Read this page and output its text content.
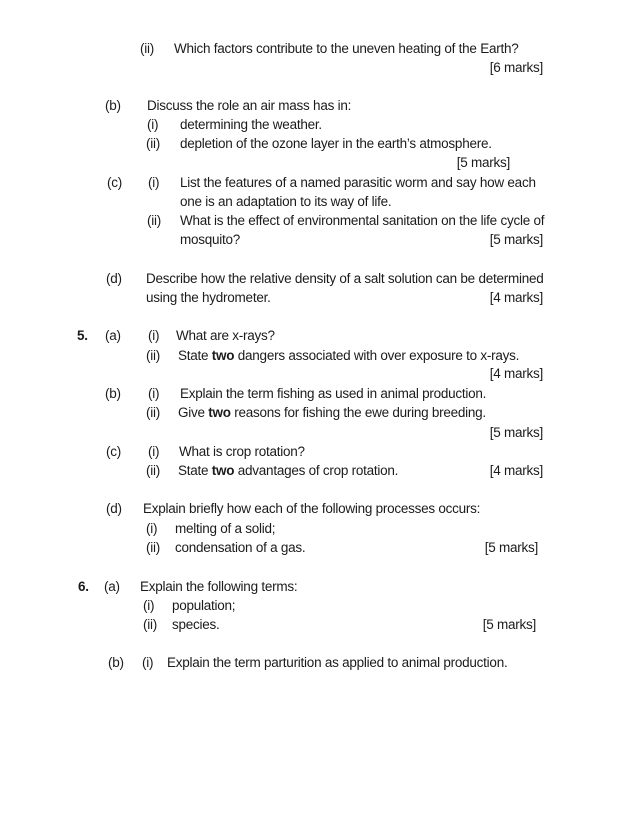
(ii) Which factors contribute to the uneven heating of the Earth?
[6 marks]
(b) Discuss the role an air mass has in:
(i) determining the weather.
(ii) depletion of the ozone layer in the earth’s atmosphere.
[5 marks]
(c) (i) List the features of a named parasitic worm and say how each
one is an adaptation to its way of life.
(ii) What is the effect of environmental sanitation on the life cycle of
mosquito?	[5 marks]
(d) Describe how the relative density of a salt solution can be determined
using the hydrometer.	[4 marks]
5. (a) (i) What are x-rays?
(ii) State two dangers associated with over exposure to x-rays.
[4 marks]
(b) (i) Explain the term fishing as used in animal production.
(ii) Give two reasons for fishing the ewe during breeding.
[5 marks]
(c) (i) What is crop rotation?
(ii) State two advantages of crop rotation.	[4 marks]
(d) Explain briefly how each of the following processes occurs:
(i) melting of a solid;
(ii) condensation of a gas.	[5 marks]
6. (a) Explain the following terms:
(i) population;
(ii) species.	[5 marks]
(b) (i) Explain the term parturition as applied to animal production.
